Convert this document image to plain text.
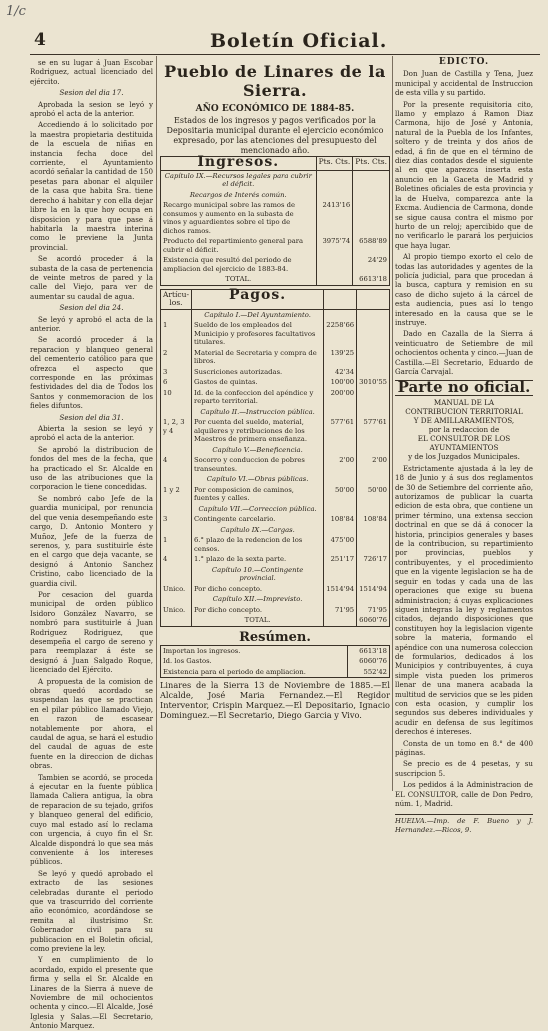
1/c
4	Boletín Oficial.

se en su lugar á Juan Escobar Rodriguez, actual licenciado del ejército.

Sesion del dia 17.

Aprobada la sesion se leyó y aprobó el acta de la anterior.

Accediendo á lo solicitado por la maestra propietaria destituida de la escuela de niñas en instancia fecha doce del corriente, el Ayuntamiento acordó señalar la cantidad de 150 pesetas para abonar el alquiler de la casa que habita Sra. tiene derecho á habitar y con ella dejar libre la en la que hoy ocupa en disposicion y para que pase á habitarla la maestra interina como le previene la Junta provincial.

Se acordó proceder á la subasta de la casa de pertenencia de veinte metros de pared y la calle del Viejo, para ver de aumentar su caudal de agua.

Sesion del dia 24.

Se leyó y aprobó el acta de la anterior.

Se acordó proceder á la reparacion y blanqueo general del cementerio católico para que ofrezca el aspecto que corresponde en las próximas festividades del dia de Todos los Santos y conmemoracion de los fieles difuntos.

Sesion del dia 31.

Abierta la sesion se leyó y aprobó el acta de la anterior.

Se aprobó la distribucion de fondos del mes de la fecha, que ha practicado el Sr. Alcalde en uso de las atribuciones que la corporacion le tiene concedidas.

Se nombró cabo Jefe de la guardia municipal, por renuncia del que venia desempeñando este cargo, D. Antonio Montero y Muñoz, Jefe de la fuerza de serenos, y, para sustituirle éste en el cargo que deja vacante, se designó á Antonio Sanchez Cristino, cabo licenciado de la guardia civil.

Por cesacion del guarda municipal de orden público Isidoro González Navarro, se nombró para sustituirle á Juan Rodriguez Rodriguez, que desempeña el cargo de sereno y para reemplazar á éste se designó á Juan Salgado Roque, licenciado del Ejército.

A propuesta de la comision de obras quedó acordado se suspendan las que se practican en el pilar público llamado Viejo, en razon de escasear notablemente por ahora, el caudal de agua, se hará el estudio del caudal de aguas de este fuente en la direccion de dichas obras.

Tambien se acordó, se proceda á ejecutar en la fuente pública llamada Caliera antigua, la obra de reparacion de su tejado, grifos y blanqueo general del edificio, cuyo mal estado así lo reclama con urgencia, á cuyo fin el Sr. Alcalde dispondrá lo que sea más conveniente á los intereses públicos.

Se leyó y quedó aprobado el extracto de las sesiones celebradas durante el periodo que va trascurrido del corriente año económico, acordándose se remita al ilustrísimo Sr. Gobernador civil para su publicacion en el Boletin oficial, como previene la ley.

Y en cumplimiento de lo acordado, expido el presente que firma y sella el Sr. Alcalde en Linares de la Sierra á nueve de Noviembre de mil ochocientos ochenta y cinco.—El Alcalde, José Iglesia y Salas.—El Secretario, Antonio Marquez.

Pueblo de Linares de la Sierra.
AÑO ECONÓMICO DE 1884-85.
Estados de los ingresos y pagos verificados por la Depositaria municipal durante el ejercicio económico expresado, por las atenciones del presupuesto del mencionado año.
Ingresos.	Pts. Cts.	Pts. Cts.
Capítulo IX.—Recursos legales para cubrir el déficit.		
Recargos de Interés común.		
Recargo municipal sobre las ramos de consumos y aumento en la subasta de vinos y aguardientes sobre el tipo de dichos ramos.	2413'16	
Producto del repartimiento general para cubrir el déficit.	3975'74	6588'89
Existencia que resultó del periodo de ampliacion del ejercicio de 1883-84.		24'29
TOTAL.		6613'18
Artícu-los.	Pagos.		
	Capítulo I.—Del Ayuntamiento.		
1	Sueldo de los empleados del Municipio y profesores facultativos titulares.	2258'66	
2	Material de Secretaria y compra de libros.	139'25	
3	Suscriciones autorizadas.	42'34	
6	Gastos de quintas.	100'00	3010'55
10	Id. de la confeccion del apéndice y reparto territorial.	200'00	
	Capítulo II.—Instruccion pública.		
1, 2, 3 y 4	Por cuenta del sueldo, material, alquileres y retribuciones de los Maestros de primera enseñanza.	577'61	577'61
	Capítulo V.—Beneficencia.		
4	Socorro y conduccion de pobres transeuntes.	2'00	2'00
	Capítulo VI.—Obras públicas.		
1 y 2	Por composicion de caminos, fuentes y calles.	50'00	50'00
	Capítulo VII.—Correccion pública.		
3	Contingente carcelario.	108'84	108'84
	Capítulo IX.—Cargas.		
1	6.° plazo de la redencion de los censos.	475'00	
4	1.° plazo de la sexta parte.	251'17	726'17
	Capítulo 10.—Contingente provincial.		
Unico.	Por dicho concepto.	1514'94	1514'94
	Capítulo XII.—Imprevisto.		
Unico.	Por dicho concepto.	71'95	71'95
	TOTAL.		6060'76
Resúmen.
Importan los ingresos.	6613'18
Id. los Gastos.	6060'76
Existencia para el periodo de ampliacion.	552'42
Linares de la Sierra 13 de Noviembre de 1885.—El Alcalde, José Maria Fernandez.—El Regidor Interventor, Crispin Marquez.—El Depositario, Ignacio Dominguez.—El Secretario, Diego Garcia y Vivo.
EDICTO.

Don Juan de Castilla y Tena, Juez municipal y accidental de Instruccion de esta villa y su partido.

Por la presente requisitoria cito, llamo y emplazo á Ramon Diaz Carmona, hijo de José y Antonia, natural de la Puebla de los Infantes, soltero y de treinta y dos años de edad, á fin de que en el término de diez dias contados desde el siguiente al en que aparezca inserta esta anuncio en la Gaceta de Madrid y Boletines oficiales de esta provincia y la de Huelva, comparezca ante la Excma. Audiencia de Carmona, donde se sigue causa contra el mismo por hurto de un reloj; apercibido que de no verificarlo le parará los perjuicios que haya lugar.

Al propio tiempo exorto el celo de todas las autoridades y agentes de la policía judicial, para que procedan á la busca, captura y remision en su caso de dicho sujeto á la cárcel de esta audiencia, pues así lo tengo interesado en la causa que se le instruye.

Dado en Cazalla de la Sierra á veinticuatro de Setiembre de mil ochocientos ochenta y cinco.—Juan de Castilla.—El Secretario, Eduardo de García Carvajal.

Parte no oficial.
MANUAL DE LA
CONTRIBUCION TERRITORIAL
Y DE AMILLARAMIENTOS,
por la redaccion de
EL CONSULTOR DE LOS AYUNTAMIENTOS
y de los Juzgados Municipales.

Estrictamente ajustada á la ley de 18 de Junio y á sus dos reglamentos de 30 de Setiembre del corriente año, autorizamos de publicar la cuarta edicion de esta obra, que contiene un primer término, una extensa seccion doctrinal en que se dá á conocer la historia, principios generales y bases de la contribucion, su repartimiento por provincias, pueblos y contribuyentes, y el procedimiento que en la vigente legislacion se ha de seguir en todas y cada una de las operaciones que exige su buena administracion; á cuyas explicaciones siguen integras la ley y reglamentos citados, dejando disposiciones que constituyen hoy la legislacion vigente sobre la materia, formando el apéndice con una numerosa coleccion de formularios, dedicados á los Municipios y contribuyentes, á cuya simple vista pueden los primeros llenar de una manera acabada la multitud de servicios que se les piden con esta ocasion, y cumplir los segundos sus deberes individuales y acudir en defensa de sus legítimos derechos é intereses.

Consta de un tomo en 8.° de 400 páginas.

Se precio es de 4 pesetas, y su suscripcion 5.

Los pedidos á la Administracion de EL CONSULTOR, calle de Don Pedro, núm. 1, Madrid.

HUELVA.—Imp. de F. Bueno y J. Hernandez.—Ricos, 9.
